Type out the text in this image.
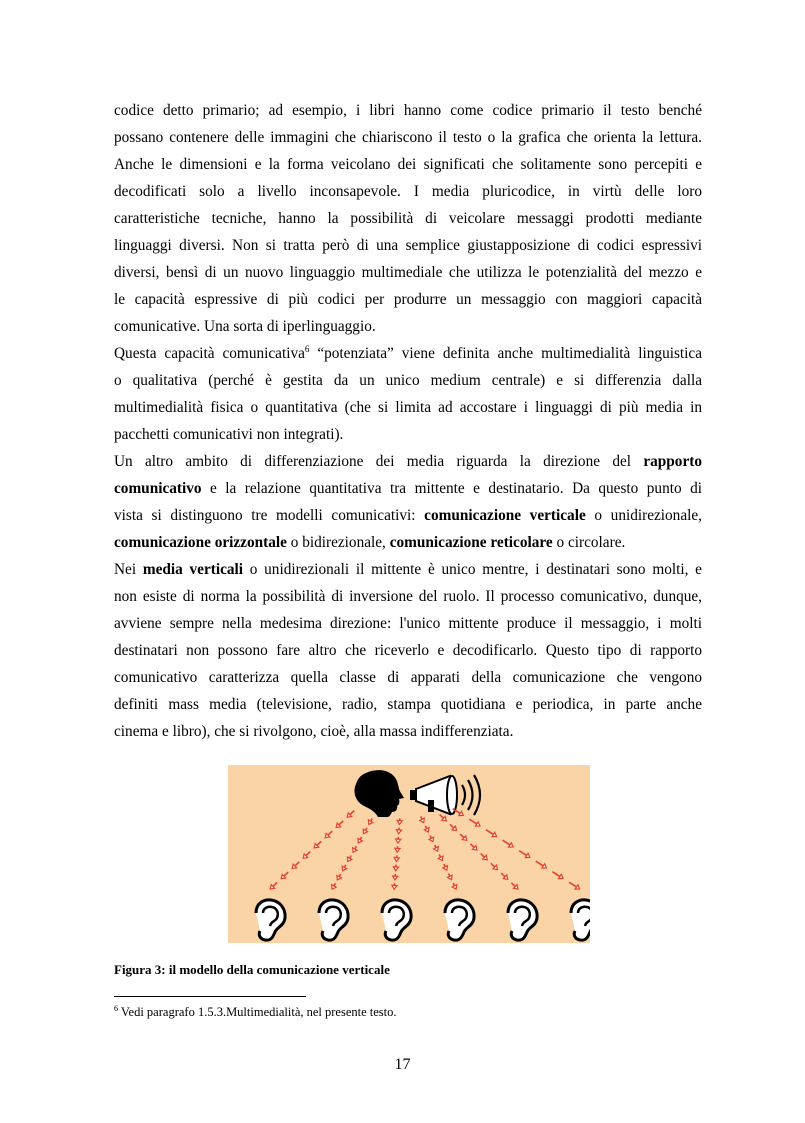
codice detto primario; ad esempio, i libri hanno come codice primario il testo benché
possano contenere delle immagini che chiariscono il testo o la grafica che orienta la lettura.
Anche le dimensioni e la forma veicolano dei significati che solitamente sono percepiti e
decodificati solo a livello inconsapevole. I media pluricodice, in virtù delle loro
caratteristiche tecniche, hanno la possibilità di veicolare messaggi prodotti mediante
linguaggi diversi. Non si tratta però di una semplice giustapposizione di codici espressivi
diversi, bensì di un nuovo linguaggio multimediale che utilizza le potenzialità del mezzo e
le capacità espressive di più codici per produrre un messaggio con maggiori capacità
comunicative. Una sorta di iperlinguaggio.
Questa capacità comunicativa$^6$ “potenziata” viene definita anche multimedialità linguistica
o qualitativa (perché è gestita da un unico medium centrale) e si differenzia dalla
multimedialità fisica o quantitativa (che si limita ad accostare i linguaggi di più media in
pacchetti comunicativi non integrati).
Un altro ambito di differenziazione dei media riguarda la direzione del rapporto
comunicativo e la relazione quantitativa tra mittente e destinatario. Da questo punto di
vista si distinguono tre modelli comunicativi: comunicazione verticale o unidirezionale,
comunicazione orizzontale o bidirezionale, comunicazione reticolare o circolare.
Nei media verticali o unidirezionali il mittente è unico mentre, i destinatari sono molti, e
non esiste di norma la possibilità di inversione del ruolo. Il processo comunicativo, dunque,
avviene sempre nella medesima direzione: l'unico mittente produce il messaggio, i molti
destinatari non possono fare altro che riceverlo e decodificarlo. Questo tipo di rapporto
comunicativo caratterizza quella classe di apparati della comunicazione che vengono
definiti mass media (televisione, radio, stampa quotidiana e periodica, in parte anche
cinema e libro), che si rivolgono, cioè, alla massa indifferenziata.
Figura 3: il modello della comunicazione verticale
$^6$ Vedi paragrafo 1.5.3.Multimedialità, nel presente testo.
17
